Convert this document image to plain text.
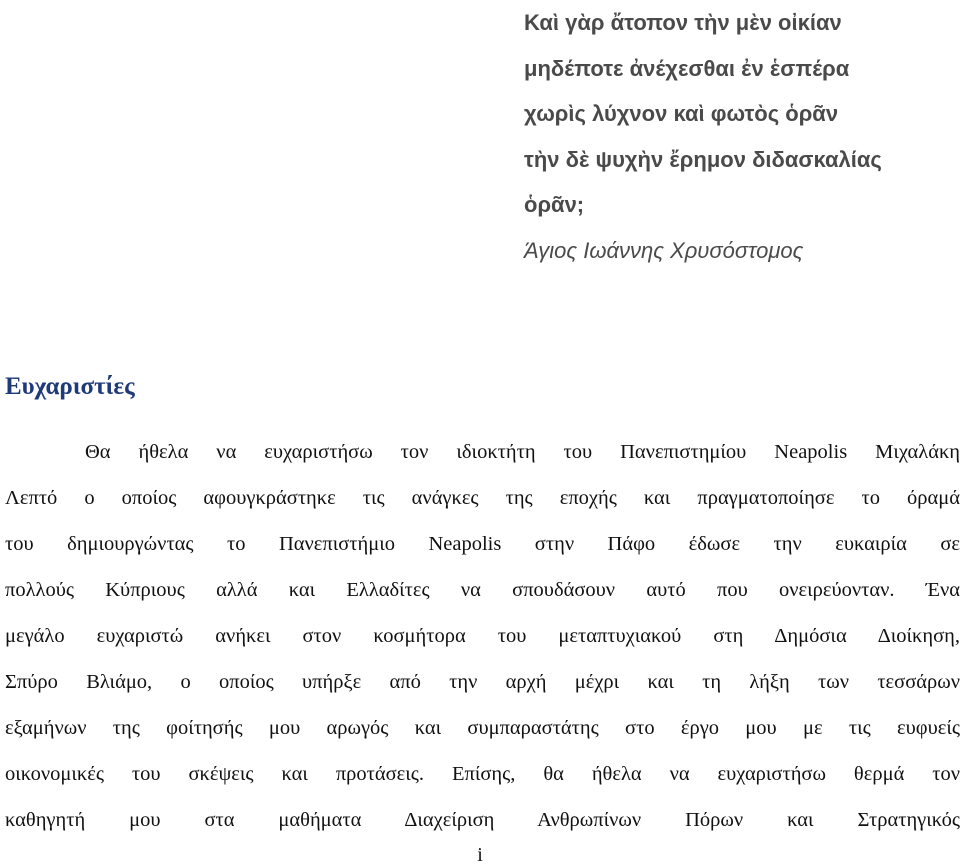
Καὶ γὰρ ἄτοπον τὴν μὲν οἰκίαν
μηδέποτε ἀνέχεσθαι ἐν ἑσπέρα
χωρὶς λύχνον καὶ φωτὸς ὁρᾶν
τὴν δὲ ψυχὴν ἔρημον διδασκαλίας
ὁρᾶν;
Άγιος Ιωάννης Χρυσόστομος
Ευχαριστίες
Θα ήθελα να ευχαριστήσω τον ιδιοκτήτη του Πανεπιστημίου Neapolis Μιχαλάκη
Λεπτό ο οποίος αφουγκράστηκε τις ανάγκες της εποχής και πραγματοποίησε το όραμά
του δημιουργώντας το Πανεπιστήμιο Neapolis στην Πάφο έδωσε την ευκαιρία σε
πολλούς Κύπριους αλλά και Ελλαδίτες να σπουδάσουν αυτό που ονειρεύονταν. Ένα
μεγάλο ευχαριστώ ανήκει στον κοσμήτορα του μεταπτυχιακού στη Δημόσια Διοίκηση,
Σπύρο Βλιάμο, ο οποίος υπήρξε από την αρχή μέχρι και τη λήξη των τεσσάρων
εξαμήνων της φοίτησής μου αρωγός και συμπαραστάτης στο έργο μου με τις ευφυείς
οικονομικές του σκέψεις και προτάσεις. Επίσης, θα ήθελα να ευχαριστήσω θερμά τον
καθηγητή μου στα μαθήματα Διαχείριση Ανθρωπίνων Πόρων και Στρατηγικός
i
